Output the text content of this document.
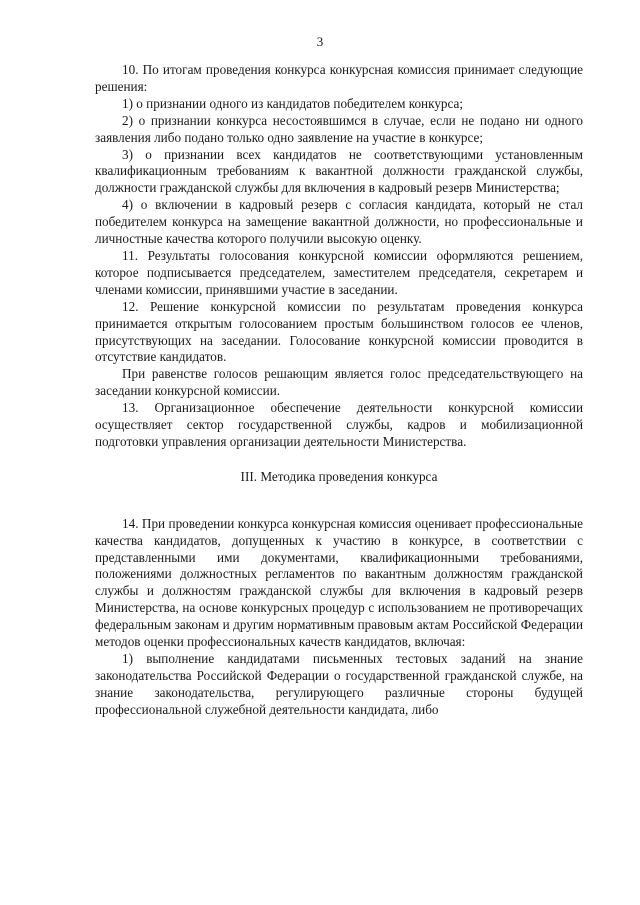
3

10. По итогам проведения конкурса конкурсная комиссия принимает следующие решения:

1) о признании одного из кандидатов победителем конкурса;

2) о признании конкурса несостоявшимся в случае, если не подано ни одного заявления либо подано только одно заявление на участие в конкурсе;

3) о признании всех кандидатов не соответствующими установленным квалификационным требованиям к вакантной должности гражданской службы, должности гражданской службы для включения в кадровый резерв Министерства;

4) о включении в кадровый резерв с согласия кандидата, который не стал победителем конкурса на замещение вакантной должности, но профессиональные и личностные качества которого получили высокую оценку.

11. Результаты голосования конкурсной комиссии оформляются решением, которое подписывается председателем, заместителем председателя, секретарем и членами комиссии, принявшими участие в заседании.

12. Решение конкурсной комиссии по результатам проведения конкурса принимается открытым голосованием простым большинством голосов ее членов, присутствующих на заседании. Голосование конкурсной комиссии проводится в отсутствие кандидатов.

При равенстве голосов решающим является голос председательствующего на заседании конкурсной комиссии.

13. Организационное обеспечение деятельности конкурсной комиссии осуществляет сектор государственной службы, кадров и мобилизационной подготовки управления организации деятельности Министерства.

III. Методика проведения конкурса

14. При проведении конкурса конкурсная комиссия оценивает профессиональные качества кандидатов, допущенных к участию в конкурсе, в соответствии с представленными ими документами, квалификационными требованиями, положениями должностных регламентов по вакантным должностям гражданской службы и должностям гражданской службы для включения в кадровый резерв Министерства, на основе конкурсных процедур с использованием не противоречащих федеральным законам и другим нормативным правовым актам Российской Федерации методов оценки профессиональных качеств кандидатов, включая:

1) выполнение кандидатами письменных тестовых заданий на знание законодательства Российской Федерации о государственной гражданской службе, на знание законодательства, регулирующего различные стороны будущей профессиональной служебной деятельности кандидата, либо
